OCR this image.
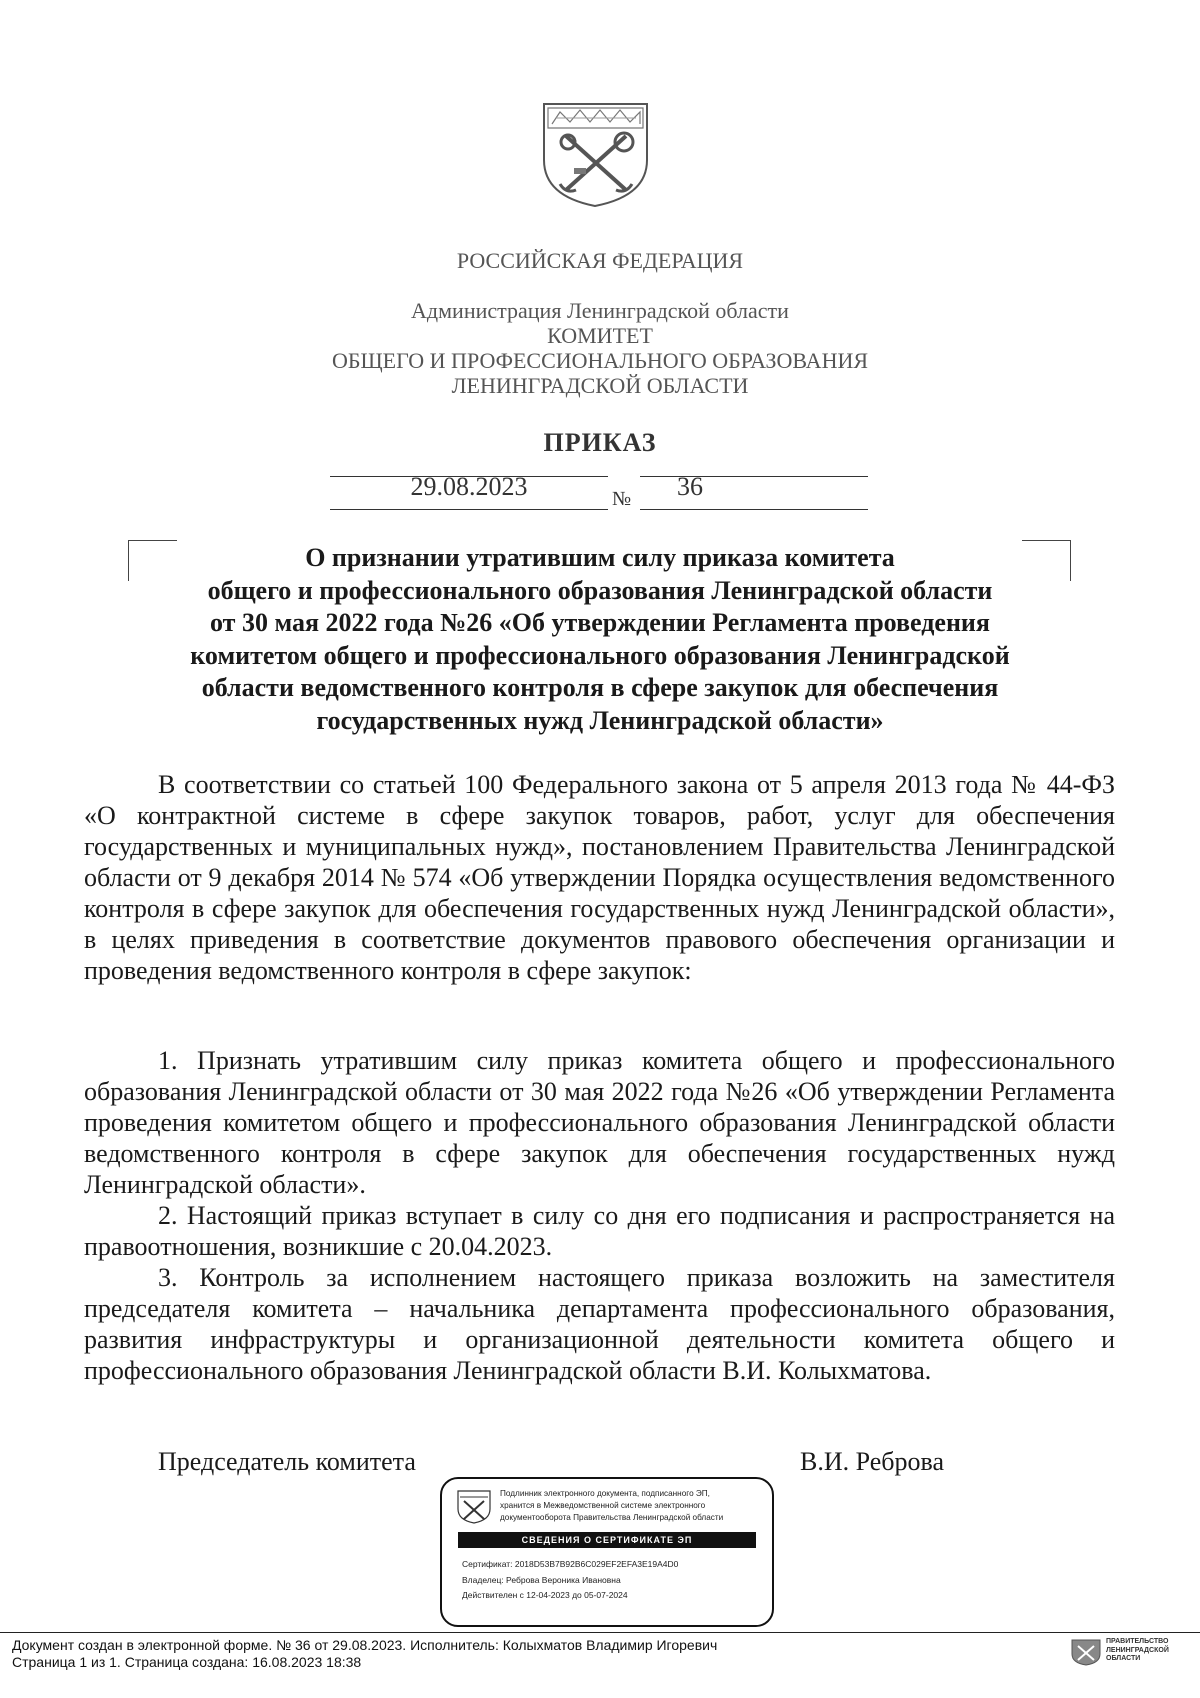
РОССИЙСКАЯ ФЕДЕРАЦИЯ
Администрация Ленинградской области
КОМИТЕТ
ОБЩЕГО И ПРОФЕССИОНАЛЬНОГО ОБРАЗОВАНИЯ
ЛЕНИНГРАДСКОЙ ОБЛАСТИ
ПРИКАЗ
29.08.2023	№	36
О признании утратившим силу приказа комитета
общего и профессионального образования Ленинградской области
от 30 мая 2022 года №26 «Об утверждении Регламента проведения
комитетом общего и профессионального образования Ленинградской
области ведомственного контроля в сфере закупок для обеспечения
государственных нужд Ленинградской области»

В соответствии со статьей 100 Федерального закона от 5 апреля 2013 года № 44-ФЗ «О контрактной системе в сфере закупок товаров, работ, услуг для обеспечения государственных и муниципальных нужд», постановлением Правительства Ленинградской области от 9 декабря 2014 № 574 «Об утверждении Порядка осуществления ведомственного контроля в сфере закупок для обеспечения государственных нужд Ленинградской области», в целях приведения в соответствие документов правового обеспечения организации и проведения ведомственного контроля в сфере закупок:

1. Признать утратившим силу приказ комитета общего и профессионального образования Ленинградской области от 30 мая 2022 года №26 «Об утверждении Регламента проведения комитетом общего и профессионального образования Ленинградской области ведомственного контроля в сфере закупок для обеспечения государственных нужд Ленинградской области».

2. Настоящий приказ вступает в силу со дня его подписания и распространяется на правоотношения, возникшие с 20.04.2023.

3. Контроль за исполнением настоящего приказа возложить на заместителя председателя комитета – начальника департамента профессионального образования, развития инфраструктуры и организационной деятельности комитета общего и профессионального образования Ленинградской области В.И. Колыхматова.

Председатель комитета	В.И. Реброва
Подлинник электронного документа, подписанного ЭП,
хранится в Межведомственной системе электронного
документооборота Правительства Ленинградской области
СВЕДЕНИЯ О СЕРТИФИКАТЕ ЭП
Сертификат: 2018D53B7B92B6C029EF2EFA3E19A4D0
Владелец: Реброва Вероника Ивановна
Действителен с 12-04-2023 до 05-07-2024
Документ создан в электронной форме. № 36 от 29.08.2023. Исполнитель: Колыхматов Владимир Игоревич
Страница 1 из 1. Страница создана: 16.08.2023 18:38
ПРАВИТЕЛЬСТВО
ЛЕНИНГРАДСКОЙ
ОБЛАСТИ
